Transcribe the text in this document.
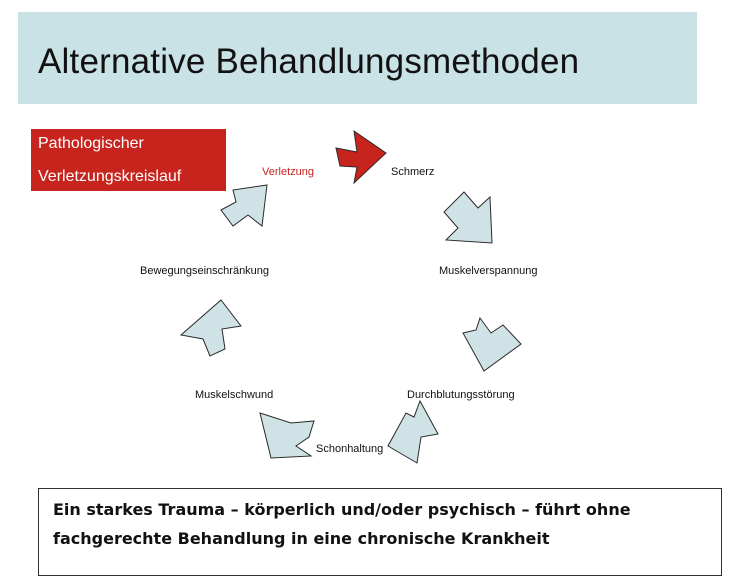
Alternative Behandlungsmethoden
Pathologischer
Verletzungskreislauf	Verletzung	Schmerz
Muskelverspannung
Durchblutungsstörung
Schonhaltung
Muskelschwund
Bewegungseinschränkung
Ein starkes Trauma – körperlich und/oder psychisch – führt ohne
fachgerechte Behandlung in eine chronische Krankheit
